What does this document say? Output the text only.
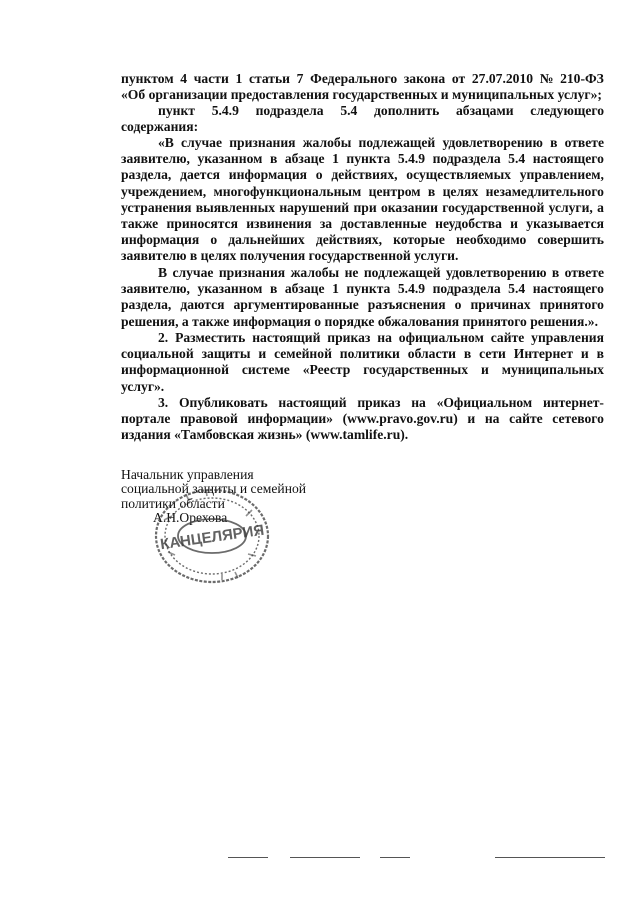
пунктом 4 части 1 статьи 7 Федерального закона от 27.07.2010 № 210-ФЗ
«Об организации предоставления государственных и муниципальных услуг»;
пункт 5.4.9 подраздела 5.4 дополнить абзацами следующего
содержания:
«В случае признания жалобы подлежащей удовлетворению в ответе
заявителю, указанном в абзаце 1 пункта 5.4.9 подраздела 5.4 настоящего
раздела, дается информация о действиях, осуществляемых управлением,
учреждением, многофункциональным центром в целях незамедлительного
устранения выявленных нарушений при оказании государственной услуги, а
также приносятся извинения за доставленные неудобства и указывается
информация о дальнейших действиях, которые необходимо совершить
заявителю в целях получения государственной услуги.
В случае признания жалобы не подлежащей удовлетворению в ответе
заявителю, указанном в абзаце 1 пункта 5.4.9 подраздела 5.4 настоящего
раздела, даются аргументированные разъяснения о причинах принятого
решения, а также информация о порядке обжалования принятого решения.».
2. Разместить настоящий приказ на официальном сайте управления
социальной защиты и семейной политики области в сети Интернет и в
информационной системе «Реестр государственных и муниципальных
услуг».
3. Опубликовать настоящий приказ на «Официальном интернет-
портале правовой информации» (www.pravo.gov.ru) и на сайте сетевого
издания «Тамбовская жизнь» (www.tamlife.ru).
Начальник управления
социальной защиты и семейной
политики области
А.Н.Орехова
КАНЦЕЛЯРИЯ
